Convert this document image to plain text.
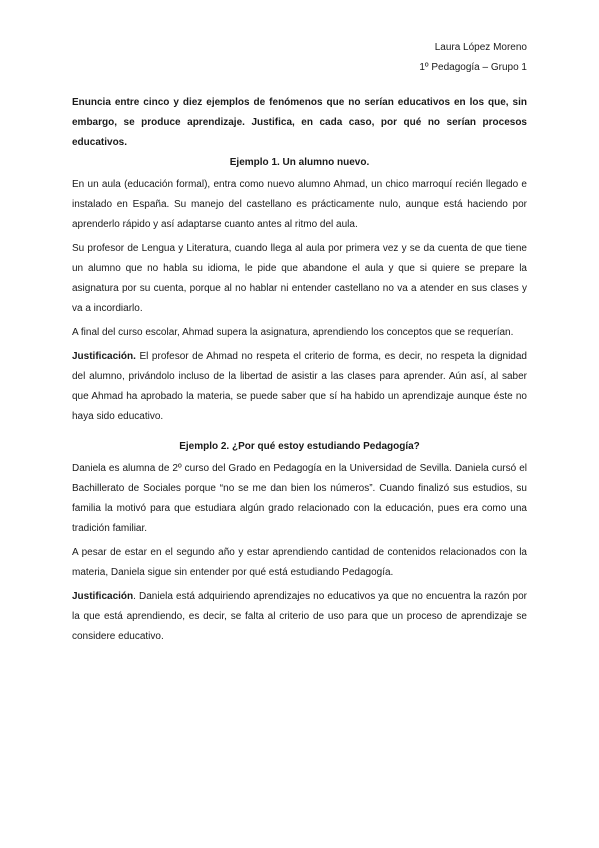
Laura López Moreno
1º Pedagogía – Grupo 1

Enuncia entre cinco y diez ejemplos de fenómenos que no serían educativos en los que, sin embargo, se produce aprendizaje. Justifica, en cada caso, por qué no serían procesos educativos.

Ejemplo 1. Un alumno nuevo.

En un aula (educación formal), entra como nuevo alumno Ahmad, un chico marroquí recién llegado e instalado en España. Su manejo del castellano es prácticamente nulo, aunque está haciendo por aprenderlo rápido y así adaptarse cuanto antes al ritmo del aula.

Su profesor de Lengua y Literatura, cuando llega al aula por primera vez y se da cuenta de que tiene un alumno que no habla su idioma, le pide que abandone el aula y que si quiere se prepare la asignatura por su cuenta, porque al no hablar ni entender castellano no va a atender en sus clases y va a incordiarlo.

A final del curso escolar, Ahmad supera la asignatura, aprendiendo los conceptos que se requerían.

Justificación. El profesor de Ahmad no respeta el criterio de forma, es decir, no respeta la dignidad del alumno, privándolo incluso de la libertad de asistir a las clases para aprender. Aún así, al saber que Ahmad ha aprobado la materia, se puede saber que sí ha habido un aprendizaje aunque éste no haya sido educativo.

Ejemplo 2. ¿Por qué estoy estudiando Pedagogía?

Daniela es alumna de 2º curso del Grado en Pedagogía en la Universidad de Sevilla. Daniela cursó el Bachillerato de Sociales porque “no se me dan bien los números”. Cuando finalizó sus estudios, su familia la motivó para que estudiara algún grado relacionado con la educación, pues era como una tradición familiar.

A pesar de estar en el segundo año y estar aprendiendo cantidad de contenidos relacionados con la materia, Daniela sigue sin entender por qué está estudiando Pedagogía.

Justificación. Daniela está adquiriendo aprendizajes no educativos ya que no encuentra la razón por la que está aprendiendo, es decir, se falta al criterio de uso para que un proceso de aprendizaje se considere educativo.
